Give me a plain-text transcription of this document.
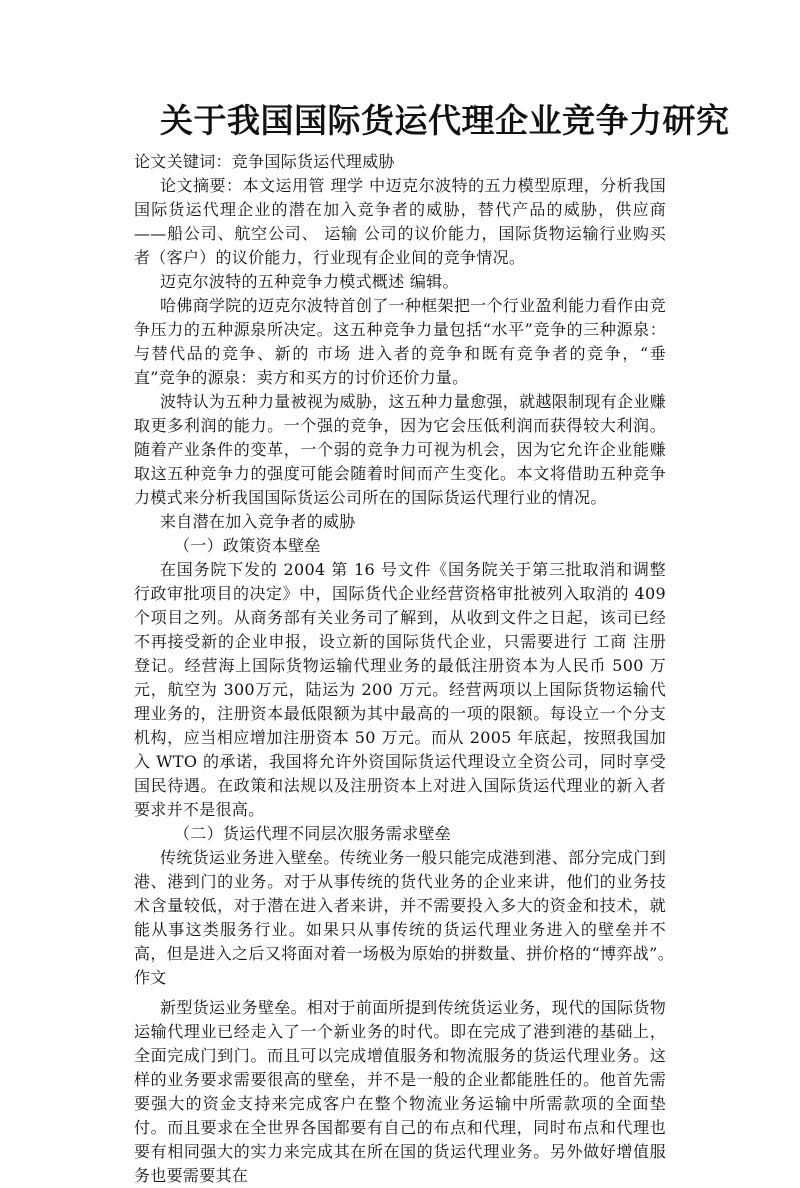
关于我国国际货运代理企业竞争力研究

论文关键词：竞争国际货运代理威胁

论文摘要：本文运用管 理学 中迈克尔波特的五力模型原理，分析我国国际货运代理企业的潜在加入竞争者的威胁，替代产品的威胁，供应商——船公司、航空公司、 运输 公司的议价能力，国际货物运输行业购买者（客户）的议价能力，行业现有企业间的竞争情况。

迈克尔波特的五种竞争力模式概述 编辑。

哈佛商学院的迈克尔波特首创了一种框架把一个行业盈利能力看作由竞争压力的五种源泉所决定。这五种竞争力量包括“水平”竞争的三种源泉：与替代品的竞争、新的 市场 进入者的竞争和既有竞争者的竞争，“垂直”竞争的源泉：卖方和买方的讨价还价力量。

波特认为五种力量被视为威胁，这五种力量愈强，就越限制现有企业赚取更多利润的能力。一个强的竞争，因为它会压低利润而获得较大利润。随着产业条件的变革，一个弱的竞争力可视为机会，因为它允许企业能赚取这五种竞争力的强度可能会随着时间而产生变化。本文将借助五种竞争力模式来分析我国国际货运公司所在的国际货运代理行业的情况。

来自潜在加入竞争者的威胁

（一）政策资本壁垒

在国务院下发的 2004 第 16 号文件《国务院关于第三批取消和调整 行政审批项目的决定》中，国际货代企业经营资格审批被列入取消的 409 个项目之列。从商务部有关业务司了解到，从收到文件之日起，该司已经不再接受新的企业申报，设立新的国际货代企业，只需要进行 工商 注册登记。经营海上国际货物运输代理业务的最低注册资本为人民币 500 万元，航空为 300万元，陆运为 200 万元。经营两项以上国际货物运输代理业务的，注册资本最低限额为其中最高的一项的限额。每设立一个分支机构，应当相应增加注册资本 50 万元。而从 2005 年底起，按照我国加入 WTO 的承诺，我国将允许外资国际货运代理设立全资公司，同时享受国民待遇。在政策和法规以及注册资本上对进入国际货运代理业的新入者要求并不是很高。

（二）货运代理不同层次服务需求壁垒

传统货运业务进入壁垒。传统业务一般只能完成港到港、部分完成门到港、港到门的业务。对于从事传统的货代业务的企业来讲，他们的业务技术含量较低，对于潜在进入者来讲，并不需要投入多大的资金和技术，就能从事这类服务行业。如果只从事传统的货运代理业务进入的壁垒并不高，但是进入之后又将面对着一场极为原始的拼数量、拼价格的“博弈战”。　 作文

新型货运业务壁垒。相对于前面所提到传统货运业务，现代的国际货物运输代理业已经走入了一个新业务的时代。即在完成了港到港的基础上，全面完成门到门。而且可以完成增值服务和物流服务的货运代理业务。这样的业务要求需要很高的壁垒，并不是一般的企业都能胜任的。他首先需要强大的资金支持来完成客户在整个物流业务运输中所需款项的全面垫付。而且要求在全世界各国都要有自己的布点和代理，同时布点和代理也要有相同强大的实力来完成其在所在国的货运代理业务。另外做好增值服务也要需要其在
